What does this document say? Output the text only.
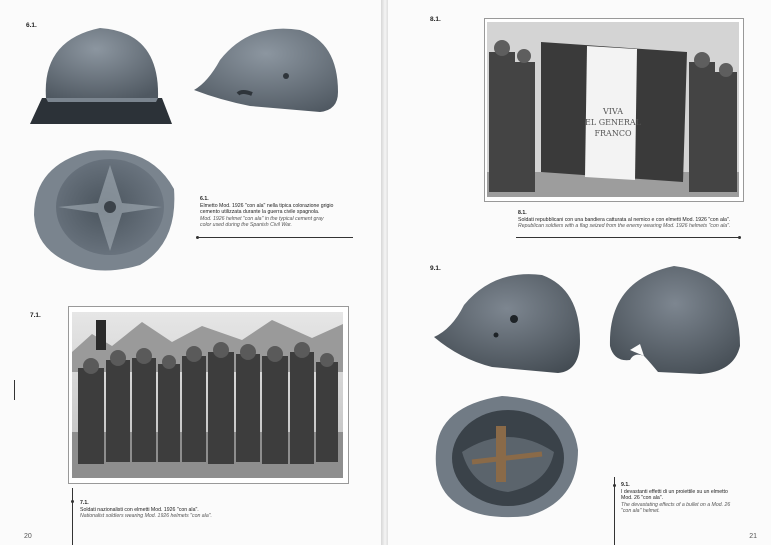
6.1.
6.1.
Elmetto Mod. 1926 "con ala" nella tipica colorazione grigio
cemento utilizzata durante la guerra civile spagnola.
Mod. 1926 helmet "con ala" in the typical cement gray
color used during the Spanish Civil War.
7.1.
7.1.
Soldati nazionalisti con elmetti Mod. 1926 "con ala".
Nationalist soldiers wearing Mod. 1926 helmets "con ala".
20
8.1.
VIVA
EL GENERAL
FRANCO
8.1.
Soldati repubblicani con una bandiera catturata al nemico e con elmetti Mod. 1926 "con ala".
Republican soldiers with a flag seized from the enemy wearing Mod. 1926 helmets "con ala".
9.1.
9.1.
I devastanti effetti di un proiettile su un elmetto
Mod. 26 "con ala".
The devastating effects of a bullet on a Mod. 26
"con ala" helmet.
21
